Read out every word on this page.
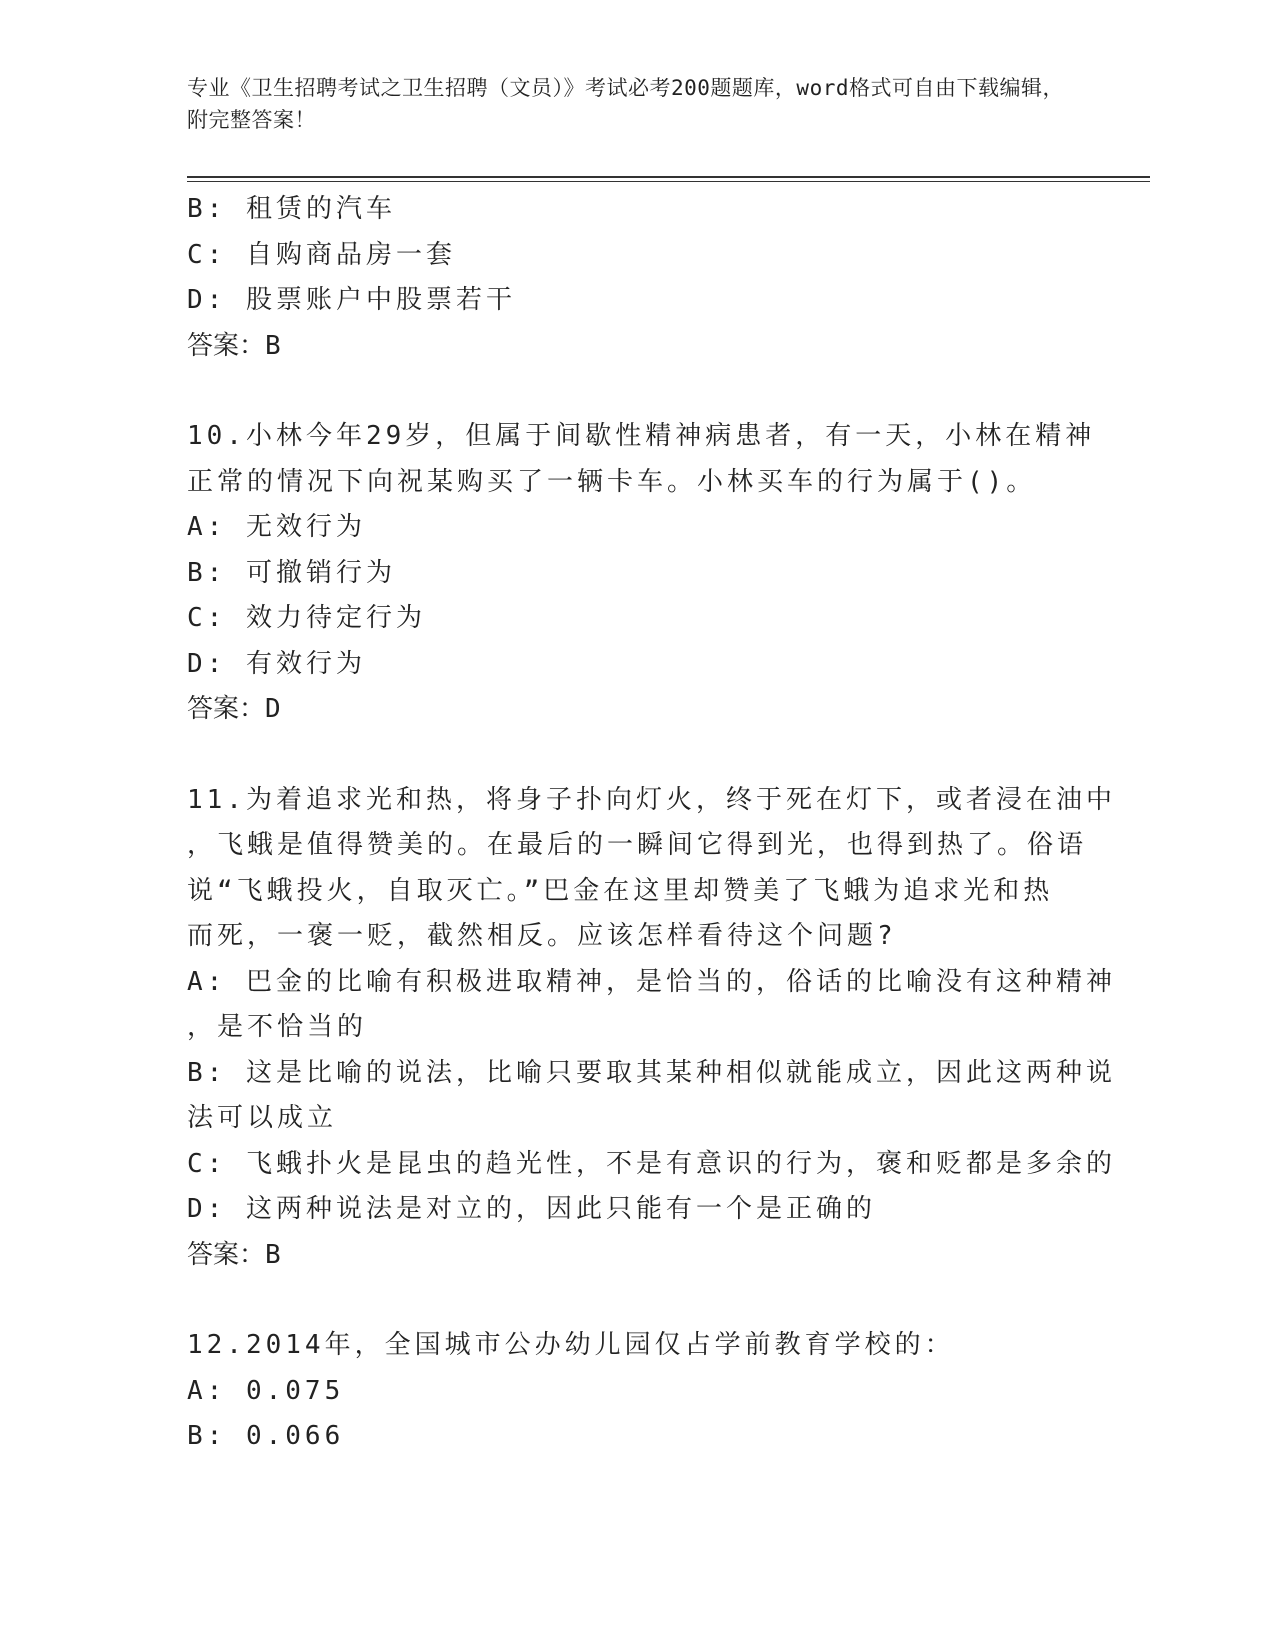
专业《卫生招聘考试之卫生招聘（文员）》考试必考200题题库，word格式可自由下载编辑，附完整答案！
B: 租赁的汽车
C: 自购商品房一套
D: 股票账户中股票若干
答案：B
10.小林今年29岁，但属于间歇性精神病患者，有一天，小林在精神
正常的情况下向祝某购买了一辆卡车。小林买车的行为属于()。
A: 无效行为
B: 可撤销行为
C: 效力待定行为
D: 有效行为
答案：D
11.为着追求光和热，将身子扑向灯火，终于死在灯下，或者浸在油中
，飞蛾是值得赞美的。在最后的一瞬间它得到光，也得到热了。俗语
说“飞蛾投火，自取灭亡。”巴金在这里却赞美了飞蛾为追求光和热
而死，一褒一贬，截然相反。应该怎样看待这个问题?
A: 巴金的比喻有积极进取精神，是恰当的，俗话的比喻没有这种精神
，是不恰当的
B: 这是比喻的说法，比喻只要取其某种相似就能成立，因此这两种说
法可以成立
C: 飞蛾扑火是昆虫的趋光性，不是有意识的行为，褒和贬都是多余的
D: 这两种说法是对立的，因此只能有一个是正确的
答案：B
12.2014年，全国城市公办幼儿园仅占学前教育学校的：
A: 0.075
B: 0.066
